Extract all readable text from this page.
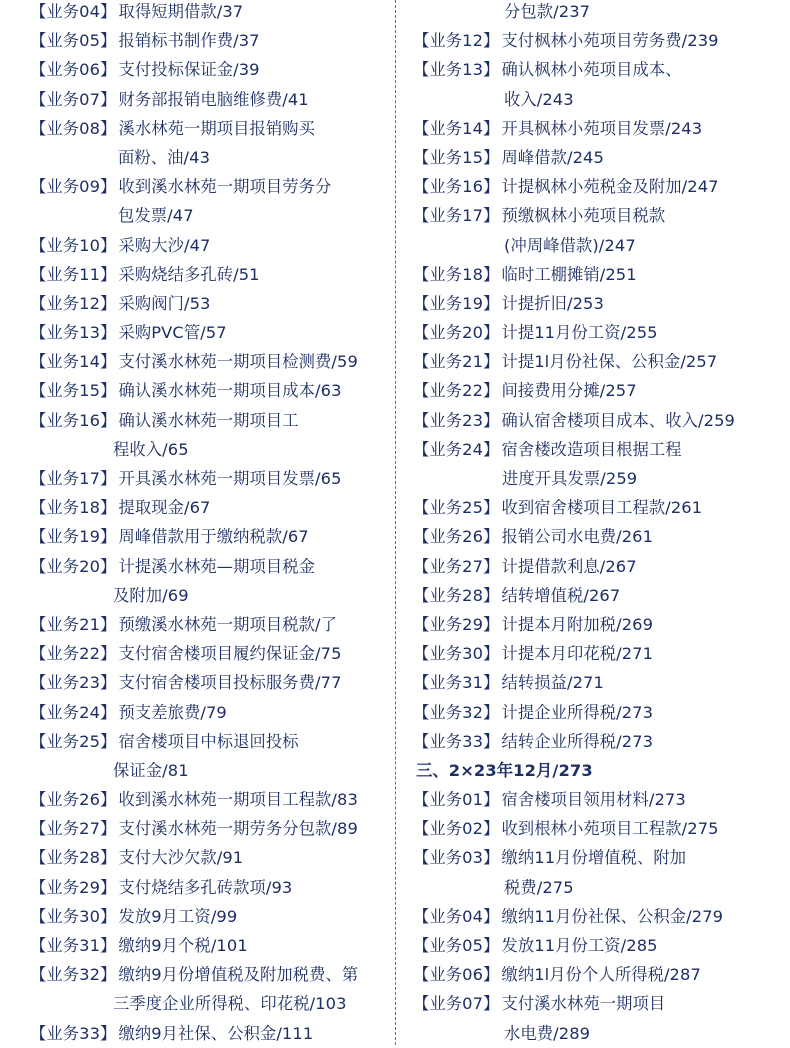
【业务04】 取得短期借款/37
【业务05】 报销标书制作费/37
【业务06】 支付投标保证金/39
【业务07】 财务部报销电脑维修费/41
【业务08】 溪水林苑一期项目报销购买
面粉、油/43
【业务09】 收到溪水林苑一期项目劳务分
包发票/47
【业务10】 采购大沙/47
【业务11】 采购烧结多孔砖/51
【业务12】 采购阀门/53
【业务13】 采购PVC管/57
【业务14】 支付溪水林苑一期项目检测费/59
【业务15】 确认溪水林苑一期项目成本/63
【业务16】 确认溪水林苑一期项目工
程收入/65
【业务17】 开具溪水林苑一期项目发票/65
【业务18】 提取现金/67
【业务19】 周峰借款用于缴纳税款/67
【业务20】 计提溪水林苑—期项目税金
及附加/69
【业务21】 预缴溪水林苑一期项目税款/了
【业务22】 支付宿舍楼项目履约保证金/75
【业务23】 支付宿舍楼项目投标服务费/77
【业务24】 预支差旅费/79
【业务25】 宿舍楼项目中标退回投标
保证金/81
【业务26】 收到溪水林苑一期项目工程款/83
【业务27】 支付溪水林苑一期劳务分包款/89
【业务28】 支付大沙欠款/91
【业务29】 支付烧结多孔砖款项/93
【业务30】 发放9月工资/99
【业务31】 缴纳9月个税/101
【业务32】 缴纳9月份增值税及附加税费、第
三季度企业所得税、印花税/103
【业务33】 缴纳9月社保、公积金/111
分包款/237
【业务12】 支付枫林小苑项目劳务费/239
【业务13】 确认枫林小苑项目成本、
收入/243
【业务14】 开具枫林小苑项目发票/243
【业务15】 周峰借款/245
【业务16】 计提枫林小苑税金及附加/247
【业务17】 预缴枫林小苑项目税款
(冲周峰借款)/247
【业务18】 临时工棚摊销/251
【业务19】 计提折旧/253
【业务20】 计提11月份工资/255
【业务21】 计提1l月份社保、公积金/257
【业务22】 间接费用分摊/257
【业务23】 确认宿舍楼项目成本、收入/259
【业务24】 宿舍楼改造项目根据工程
进度开具发票/259
【业务25】 收到宿舍楼项目工程款/261
【业务26】 报销公司水电费/261
【业务27】 计提借款利息/267
【业务28】 结转增值税/267
【业务29】 计提本月附加税/269
【业务30】 计提本月印花税/271
【业务31】 结转损益/271
【业务32】 计提企业所得税/273
【业务33】 结转企业所得税/273
三、2×23年12月/273
【业务01】 宿舍楼项目领用材料/273
【业务02】 收到根林小苑项目工程款/275
【业务03】 缴纳11月份增值税、附加
税费/275
【业务04】 缴纳11月份社保、公积金/279
【业务05】 发放11月份工资/285
【业务06】 缴纳1l月份个人所得税/287
【业务07】 支付溪水林苑一期项目
水电费/289
